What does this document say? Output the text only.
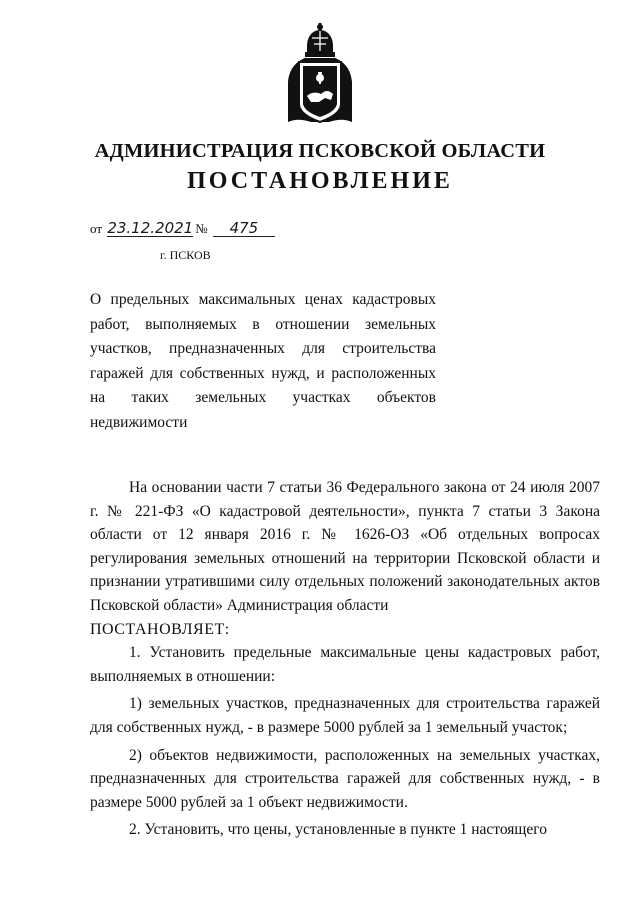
АДМИНИСТРАЦИЯ ПСКОВСКОЙ ОБЛАСТИ
ПОСТАНОВЛЕНИЕ
от 23.12.2021 № 475
г. ПСКОВ
О предельных максимальных ценах кадастровых работ, выполняемых в отношении земельных участков, предназначенных для строительства гаражей для собственных нужд, и расположенных на таких земельных участках объектов недвижимости

На основании части 7 статьи 36 Федерального закона от 24 июля 2007 г. № 221-ФЗ «О кадастровой деятельности», пункта 7 статьи 3 Закона области от 12 января 2016 г. № 1626-ОЗ «Об отдельных вопросах регулирования земельных отношений на территории Псковской области и признании утратившими силу отдельных положений законодательных актов Псковской области» Администрация области

ПОСТАНОВЛЯЕТ:

1. Установить предельные максимальные цены кадастровых работ, выполняемых в отношении:

1) земельных участков, предназначенных для строительства гаражей для собственных нужд, - в размере 5000 рублей за 1 земельный участок;

2) объектов недвижимости, расположенных на земельных участках, предназначенных для строительства гаражей для собственных нужд, - в размере 5000 рублей за 1 объект недвижимости.

2. Установить, что цены, установленные в пункте 1 настоящего
